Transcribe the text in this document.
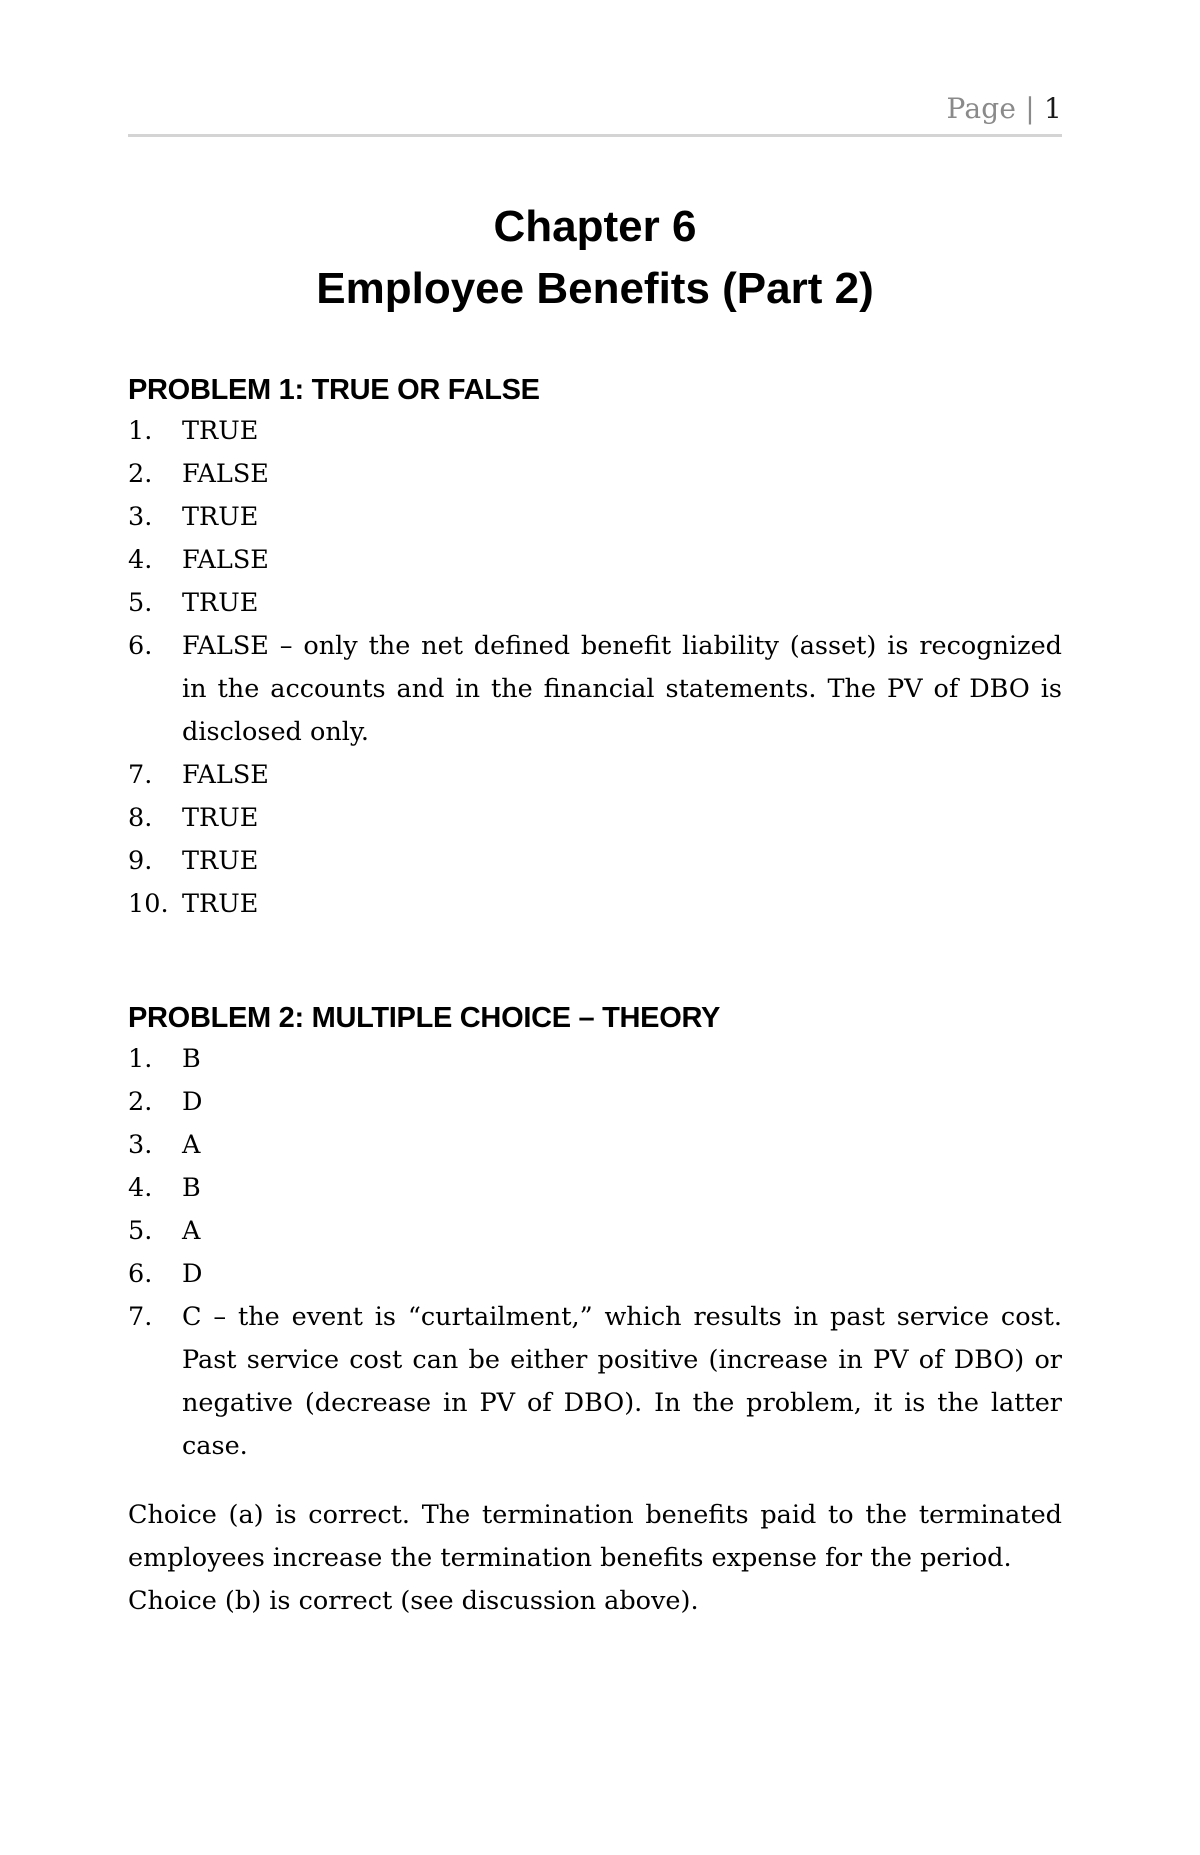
Page | 1
Chapter 6
Employee Benefits (Part 2)
PROBLEM 1: TRUE OR FALSE
1.	TRUE
2.	FALSE
3.	TRUE
4.	FALSE
5.	TRUE
6.	FALSE – only the net defined benefit liability (asset) is recognized in the accounts and in the financial statements. The PV of DBO is disclosed only.
7.	FALSE
8.	TRUE
9.	TRUE
10. TRUE
PROBLEM 2: MULTIPLE CHOICE – THEORY
1.	B
2.	D
3.	A
4.	B
5.	A
6.	D
7.	C – the event is “curtailment,” which results in past service cost. Past service cost can be either positive (increase in PV of DBO) or negative (decrease in PV of DBO). In the problem, it is the latter case.

Choice (a) is correct. The termination benefits paid to the terminated employees increase the termination benefits expense for the period.

Choice (b) is correct (see discussion above).
